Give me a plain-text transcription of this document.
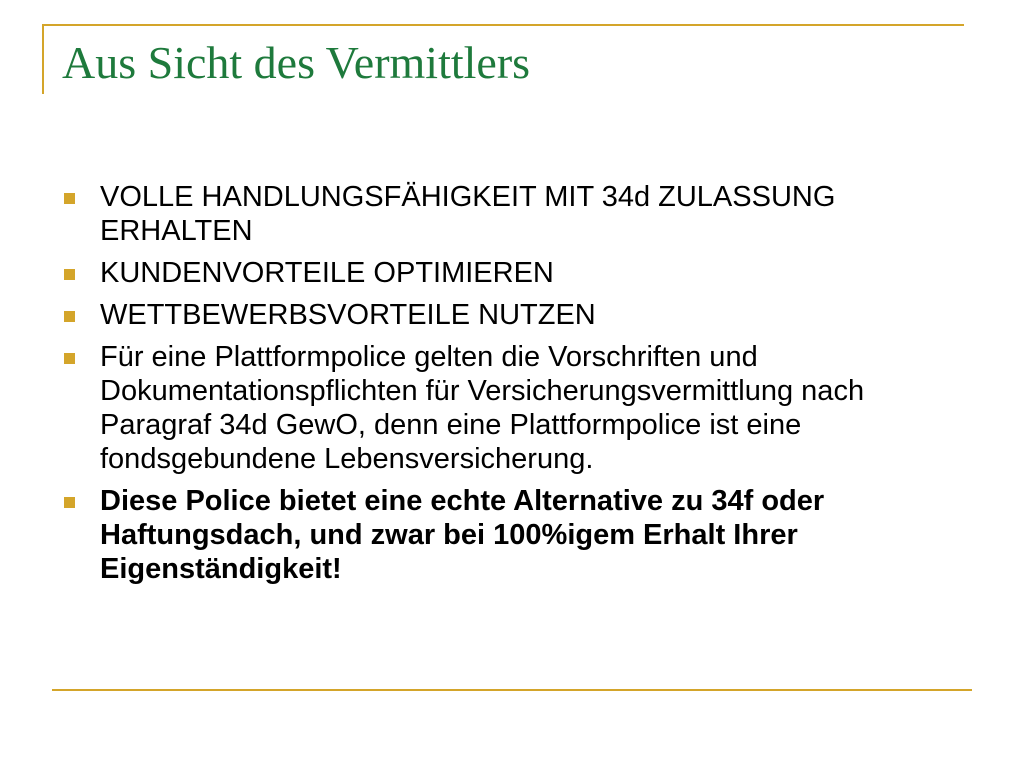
Aus Sicht des Vermittlers
VOLLE HANDLUNGSFÄHIGKEIT MIT 34d ZULASSUNG ERHALTEN
KUNDENVORTEILE OPTIMIEREN
WETTBEWERBSVORTEILE NUTZEN
Für eine Plattformpolice gelten die Vorschriften und Dokumentationspflichten für Versicherungsvermittlung nach Paragraf 34d GewO, denn eine Plattformpolice ist eine fondsgebundene Lebensversicherung.
Diese Police bietet eine echte Alternative zu 34f oder Haftungsdach, und zwar bei 100%igem Erhalt Ihrer Eigenständigkeit!
